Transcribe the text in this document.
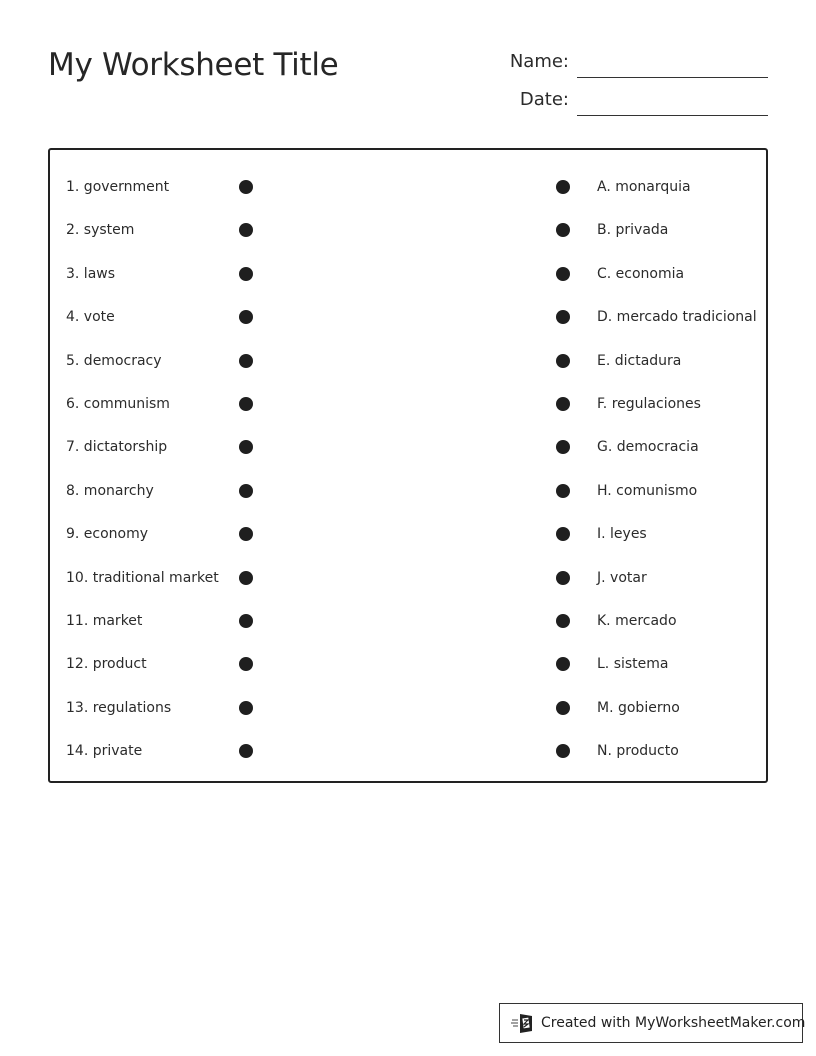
My Worksheet Title	Name:
Date:
1. government	A. monarquia
2. system	B. privada
3. laws	C. economia
4. vote	D. mercado tradicional
5. democracy	E. dictadura
6. communism	F. regulaciones
7. dictatorship	G. democracia
8. monarchy	H. comunismo
9. economy	I. leyes
10. traditional market	J. votar
11. market	K. mercado
12. product	L. sistema
13. regulations	M. gobierno
14. private	N. producto
Created with MyWorksheetMaker.com
